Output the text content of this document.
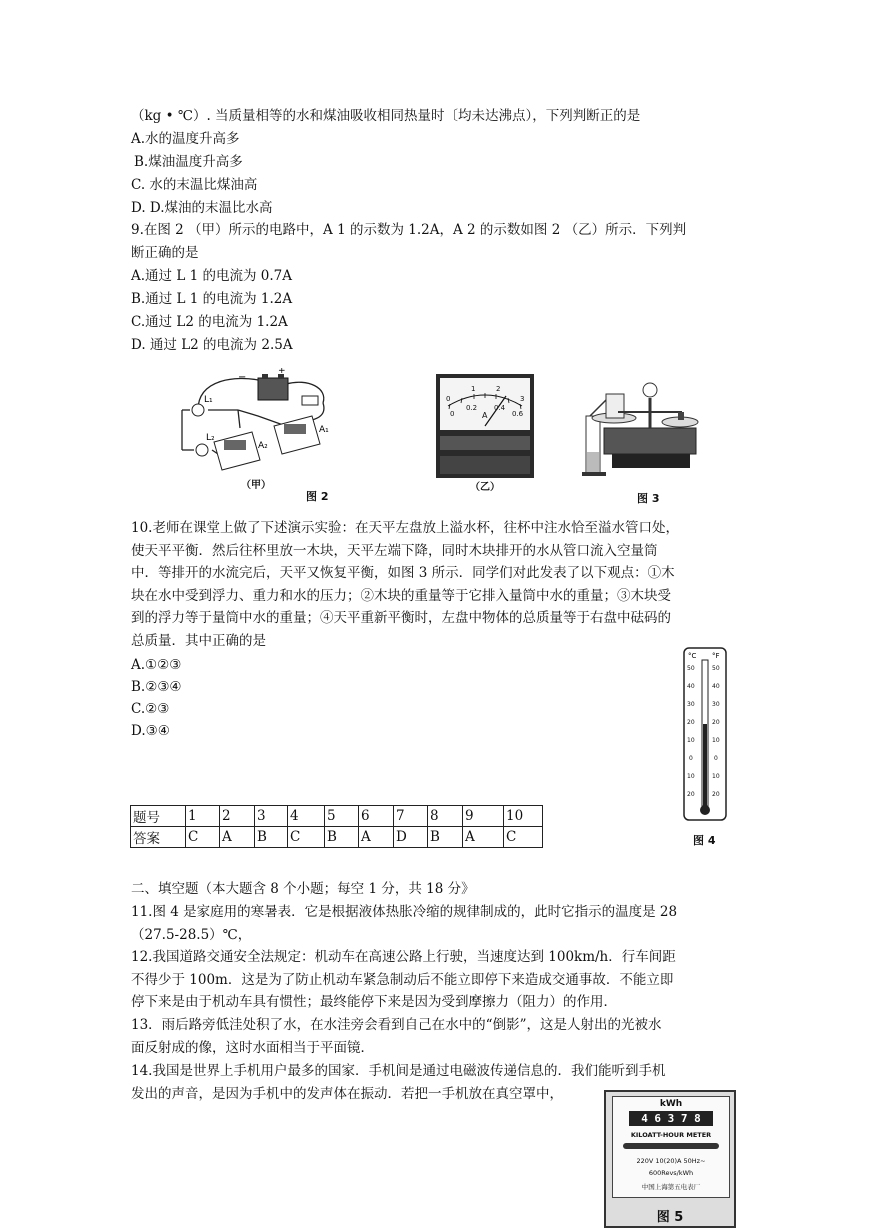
（kg • ℃）. 当质量相等的水和煤油吸收相同热量时〔均未达沸点），下列判断正的是
A.水的温度升高多
B.煤油温度升高多
C. 水的末温比煤油高
D. D.煤油的末温比水高
9.在图 2 （甲）所示的电路中，A 1 的示数为 1.2A，A 2 的示数如图 2 （乙）所示．下列判
断正确的是
A.通过 L 1 的电流为 0.7A
B.通过 L 1 的电流为 1.2A
C.通过 L2 的电流为 1.2A
D. 通过 L2 的电流为 2.5A
−
+
L₁
L₂
A₂
A₁
（甲）
图 2
0
1	2
3
0
0.2 0.4
0.6
A
（乙）
图 3
10.老师在课堂上做了下述演示实验：在天平左盘放上溢水杯，往杯中注水恰至溢水管口处，
使天平平衡．然后往杯里放一木块，天平左端下降，同时木块排开的水从管口流入空量筒
中．等排开的水流完后，天平又恢复平衡，如图 3 所示．同学们对此发表了以下观点：①木
块在水中受到浮力、重力和水的压力；②木块的重量等于它排入量筒中水的重量；③木块受
到的浮力等于量筒中水的重量；④天平重新平衡时，左盘中物体的总质量等于右盘中砝码的
总质量．其中正确的是
A.①②③
B.②③④
C.②③
D.③④
°C °F
50
40
30
20
10
0
10
20
50
40
30
20
10
0
10
20
图 4
题号	1	2	3	4	5	6	7	8	9	10
答案	C	A	B	C	B	A	D	B	A	C
二、填空题（本大题含 8 个小题；每空 1 分，共 18 分》
11.图 4 是家庭用的寒暑表．它是根据液体热胀冷缩的规律制成的，此时它指示的温度是 28
（27.5-28.5）℃，
12.我国道路交通安全法规定：机动车在高速公路上行驶，当速度达到 100km/h．行车间距
不得少于 100m．这是为了防止机动车紧急制动后不能立即停下来造成交通事故．不能立即
停下来是由于机动车具有惯性；最终能停下来是因为受到摩擦力（阻力）的作用．
13．雨后路旁低洼处积了水，在水洼旁会看到自己在水中的“倒影”，这是人射出的光被水
面反射成的像，这时水面相当于平面镜．
14.我国是世界上手机用户最多的国家．手机间是通过电磁波传递信息的．我们能听到手机
发出的声音，是因为手机中的发声体在振动．若把一手机放在真空罩中，
kWh
4 6 3 7 8
KILOATT-HOUR METER
220V 10(20)A 50Hz~
600Revs/kWh
中国上海第五电表厂
图 5
